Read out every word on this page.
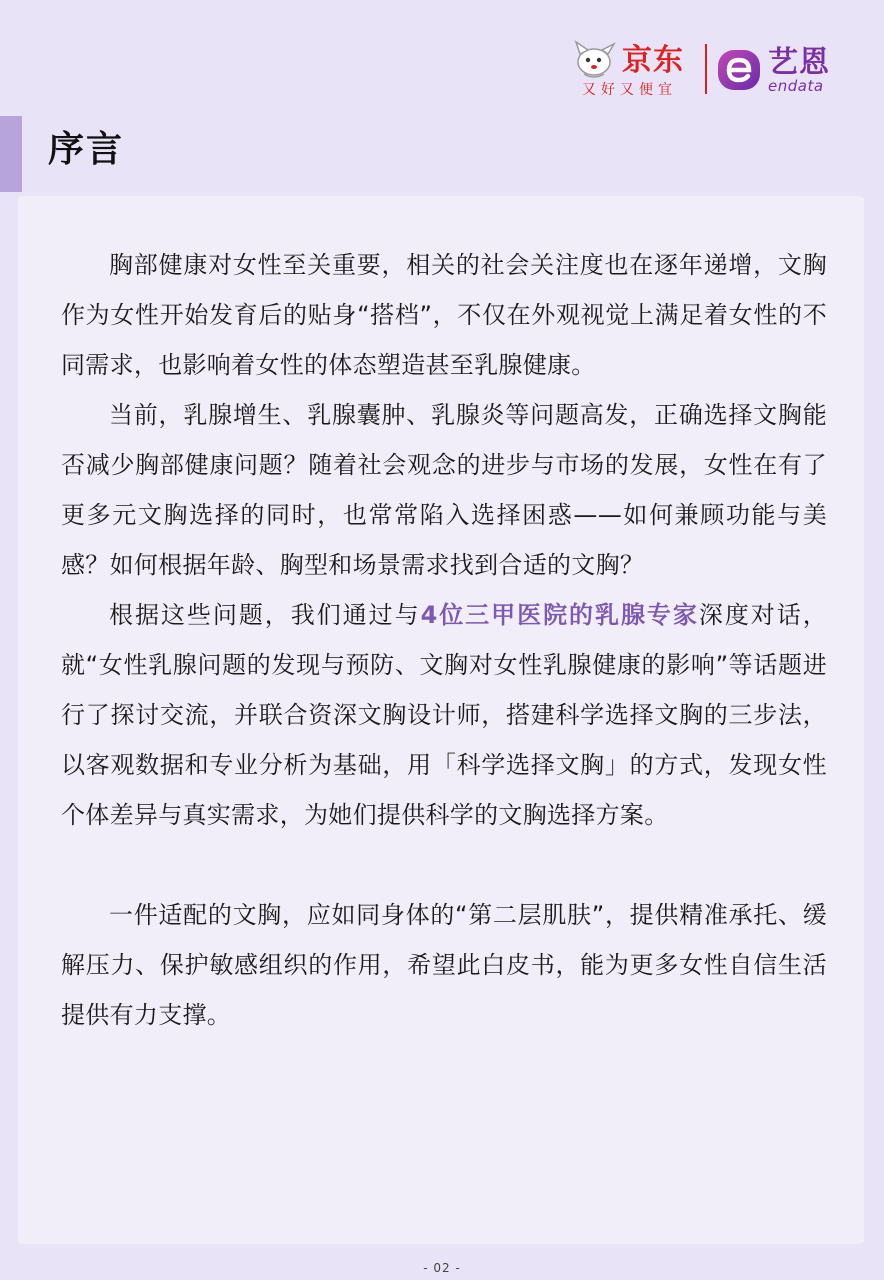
京东
又好又便宜
艺恩
endata
序言

胸部健康对女性至关重要，相关的社会关注度也在逐年递增，文胸作为女性开始发育后的贴身“搭档”，不仅在外观视觉上满足着女性的不同需求，也影响着女性的体态塑造甚至乳腺健康。

当前，乳腺增生、乳腺囊肿、乳腺炎等问题高发，正确选择文胸能否减少胸部健康问题？随着社会观念的进步与市场的发展，女性在有了更多元文胸选择的同时，也常常陷入选择困惑——如何兼顾功能与美感？如何根据年龄、胸型和场景需求找到合适的文胸？

根据这些问题，我们通过与4位三甲医院的乳腺专家深度对话，就“女性乳腺问题的发现与预防、文胸对女性乳腺健康的影响”等话题进行了探讨交流，并联合资深文胸设计师，搭建科学选择文胸的三步法，以客观数据和专业分析为基础，用「科学选择文胸」的方式，发现女性个体差异与真实需求，为她们提供科学的文胸选择方案。

一件适配的文胸，应如同身体的“第二层肌肤”，提供精准承托、缓解压力、保护敏感组织的作用，希望此白皮书，能为更多女性自信生活提供有力支撑。

- 02 -
